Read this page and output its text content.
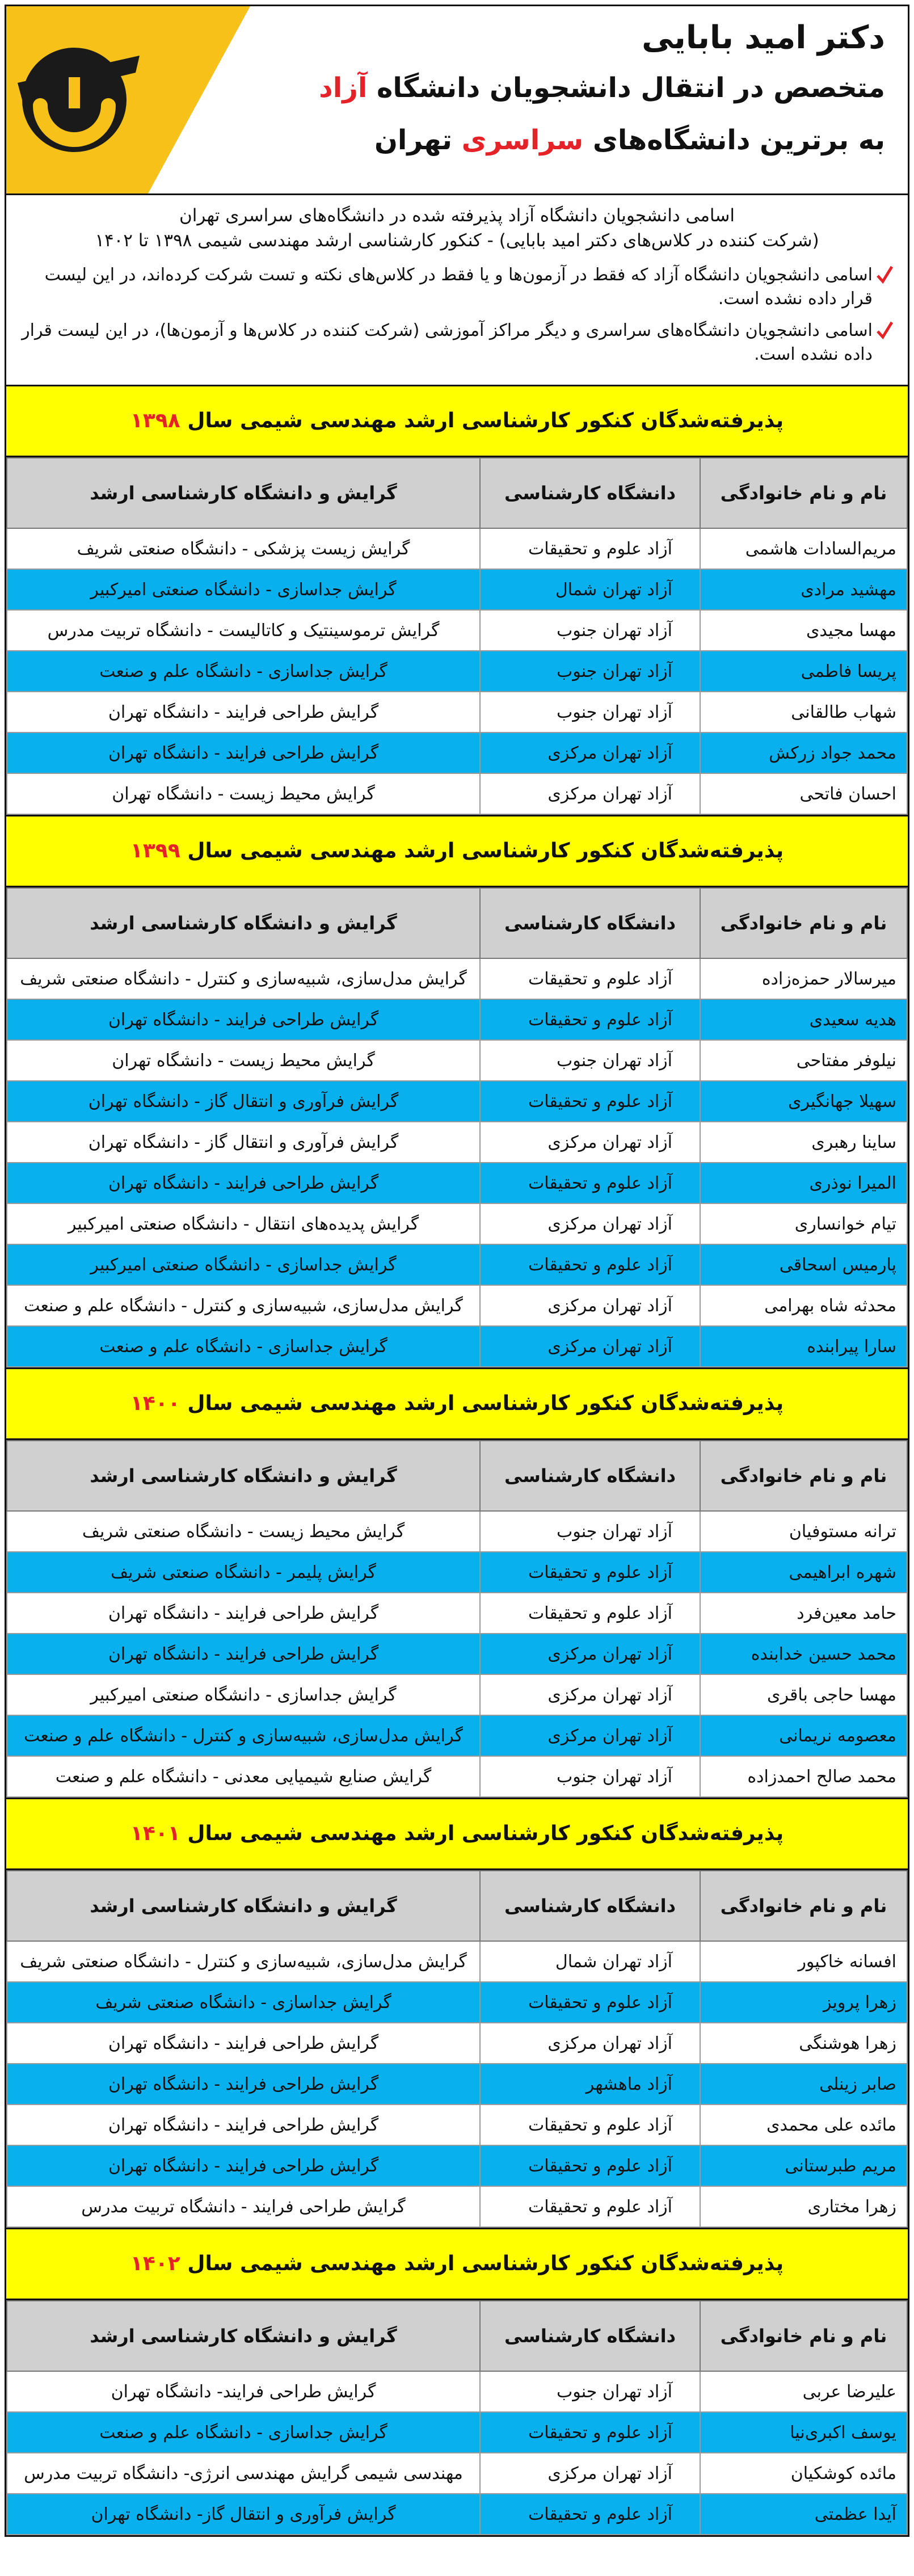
دکتر امید بابایی
متخصص در انتقال دانشجویان دانشگاه آزاد
به برترین دانشگاه‌های سراسری تهران
اسامی دانشجویان دانشگاه آزاد پذیرفته شده در دانشگاه‌های سراسری تهران
(شرکت کننده در کلاس‌های دکتر امید بابایی) - کنکور کارشناسی ارشد مهندسی شیمی ۱۳۹۸ تا ۱۴۰۲
اسامی دانشجویان دانشگاه آزاد که فقط در آزمون‌ها و یا فقط در کلاس‌های نکته و تست شرکت کرده‌اند، در این لیست قرار داده نشده است.
اسامی دانشجویان دانشگاه‌های سراسری و دیگر مراکز آموزشی (شرکت کننده در کلاس‌ها و آزمون‌ها)، در این لیست قرار داده نشده است.
پذیرفته‌شدگان کنکور کارشناسی ارشد مهندسی شیمی سال ۱۳۹۸
نام و نام خانوادگی	دانشگاه کارشناسی	گرایش و دانشگاه کارشناسی ارشد
مریم‌السادات هاشمی	آزاد علوم و تحقیقات	گرایش زیست پزشکی - دانشگاه صنعتی شریف
مهشید مرادی	آزاد تهران شمال	گرایش جداسازی - دانشگاه صنعتی امیرکبیر
مهسا مجیدی	آزاد تهران جنوب	گرایش ترموسینتیک و کاتالیست - دانشگاه تربیت مدرس
پریسا فاطمی	آزاد تهران جنوب	گرایش جداسازی - دانشگاه علم و صنعت
شهاب طالقانی	آزاد تهران جنوب	گرایش طراحی فرایند - دانشگاه تهران
محمد جواد زرکش	آزاد تهران مرکزی	گرایش طراحی فرایند - دانشگاه تهران
احسان فاتحی	آزاد تهران مرکزی	گرایش محیط زیست - دانشگاه تهران
پذیرفته‌شدگان کنکور کارشناسی ارشد مهندسی شیمی سال ۱۳۹۹
نام و نام خانوادگی	دانشگاه کارشناسی	گرایش و دانشگاه کارشناسی ارشد
میرسالار حمزه‌زاده	آزاد علوم و تحقیقات	گرایش مدل‌سازی، شبیه‌سازی و کنترل - دانشگاه صنعتی شریف
هدیه سعیدی	آزاد علوم و تحقیقات	گرایش طراحی فرایند - دانشگاه تهران
نیلوفر مفتاحی	آزاد تهران جنوب	گرایش محیط زیست - دانشگاه تهران
سهیلا جهانگیری	آزاد علوم و تحقیقات	گرایش فرآوری و انتقال گاز - دانشگاه تهران
ساینا رهبری	آزاد تهران مرکزی	گرایش فرآوری و انتقال گاز - دانشگاه تهران
المیرا نوذری	آزاد علوم و تحقیقات	گرایش طراحی فرایند - دانشگاه تهران
تیام خوانساری	آزاد تهران مرکزی	گرایش پدیده‌های انتقال - دانشگاه صنعتی امیرکبیر
پارمیس اسحاقی	آزاد علوم و تحقیقات	گرایش جداسازی - دانشگاه صنعتی امیرکبیر
محدثه شاه بهرامی	آزاد تهران مرکزی	گرایش مدل‌سازی، شبیه‌سازی و کنترل - دانشگاه علم و صنعت
سارا پیرابنده	آزاد تهران مرکزی	گرایش جداسازی - دانشگاه علم و صنعت
پذیرفته‌شدگان کنکور کارشناسی ارشد مهندسی شیمی سال ۱۴۰۰
نام و نام خانوادگی	دانشگاه کارشناسی	گرایش و دانشگاه کارشناسی ارشد
ترانه مستوفیان	آزاد تهران جنوب	گرایش محیط زیست - دانشگاه صنعتی شریف
شهره ابراهیمی	آزاد علوم و تحقیقات	گرایش پلیمر - دانشگاه صنعتی شریف
حامد معین‌فرد	آزاد علوم و تحقیقات	گرایش طراحی فرایند - دانشگاه تهران
محمد حسین خدابنده	آزاد تهران مرکزی	گرایش طراحی فرایند - دانشگاه تهران
مهسا حاجی باقری	آزاد تهران مرکزی	گرایش جداسازی - دانشگاه صنعتی امیرکبیر
معصومه نریمانی	آزاد تهران مرکزی	گرایش مدل‌سازی، شبیه‌سازی و کنترل - دانشگاه علم و صنعت
محمد صالح احمدزاده	آزاد تهران جنوب	گرایش صنایع شیمیایی معدنی - دانشگاه علم و صنعت
پذیرفته‌شدگان کنکور کارشناسی ارشد مهندسی شیمی سال ۱۴۰۱
نام و نام خانوادگی	دانشگاه کارشناسی	گرایش و دانشگاه کارشناسی ارشد
افسانه خاکپور	آزاد تهران شمال	گرایش مدل‌سازی، شبیه‌سازی و کنترل - دانشگاه صنعتی شریف
زهرا پرویز	آزاد علوم و تحقیقات	گرایش جداسازی - دانشگاه صنعتی شریف
زهرا هوشنگی	آزاد تهران مرکزی	گرایش طراحی فرایند - دانشگاه تهران
صابر زینلی	آزاد ماهشهر	گرایش طراحی فرایند - دانشگاه تهران
مائده علی محمدی	آزاد علوم و تحقیقات	گرایش طراحی فرایند - دانشگاه تهران
مریم طبرستانی	آزاد علوم و تحقیقات	گرایش طراحی فرایند - دانشگاه تهران
زهرا مختاری	آزاد علوم و تحقیقات	گرایش طراحی فرایند - دانشگاه تربیت مدرس
پذیرفته‌شدگان کنکور کارشناسی ارشد مهندسی شیمی سال ۱۴۰۲
نام و نام خانوادگی	دانشگاه کارشناسی	گرایش و دانشگاه کارشناسی ارشد
علیرضا عربی	آزاد تهران جنوب	گرایش طراحی فرایند- دانشگاه تهران
یوسف اکبری‌نیا	آزاد علوم و تحقیقات	گرایش جداسازی - دانشگاه علم و صنعت
مائده کوشکیان	آزاد تهران مرکزی	مهندسی شیمی گرایش مهندسی انرژی- دانشگاه تربیت مدرس
آیدا عظمتی	آزاد علوم و تحقیقات	گرایش فرآوری و انتقال گاز- دانشگاه تهران
